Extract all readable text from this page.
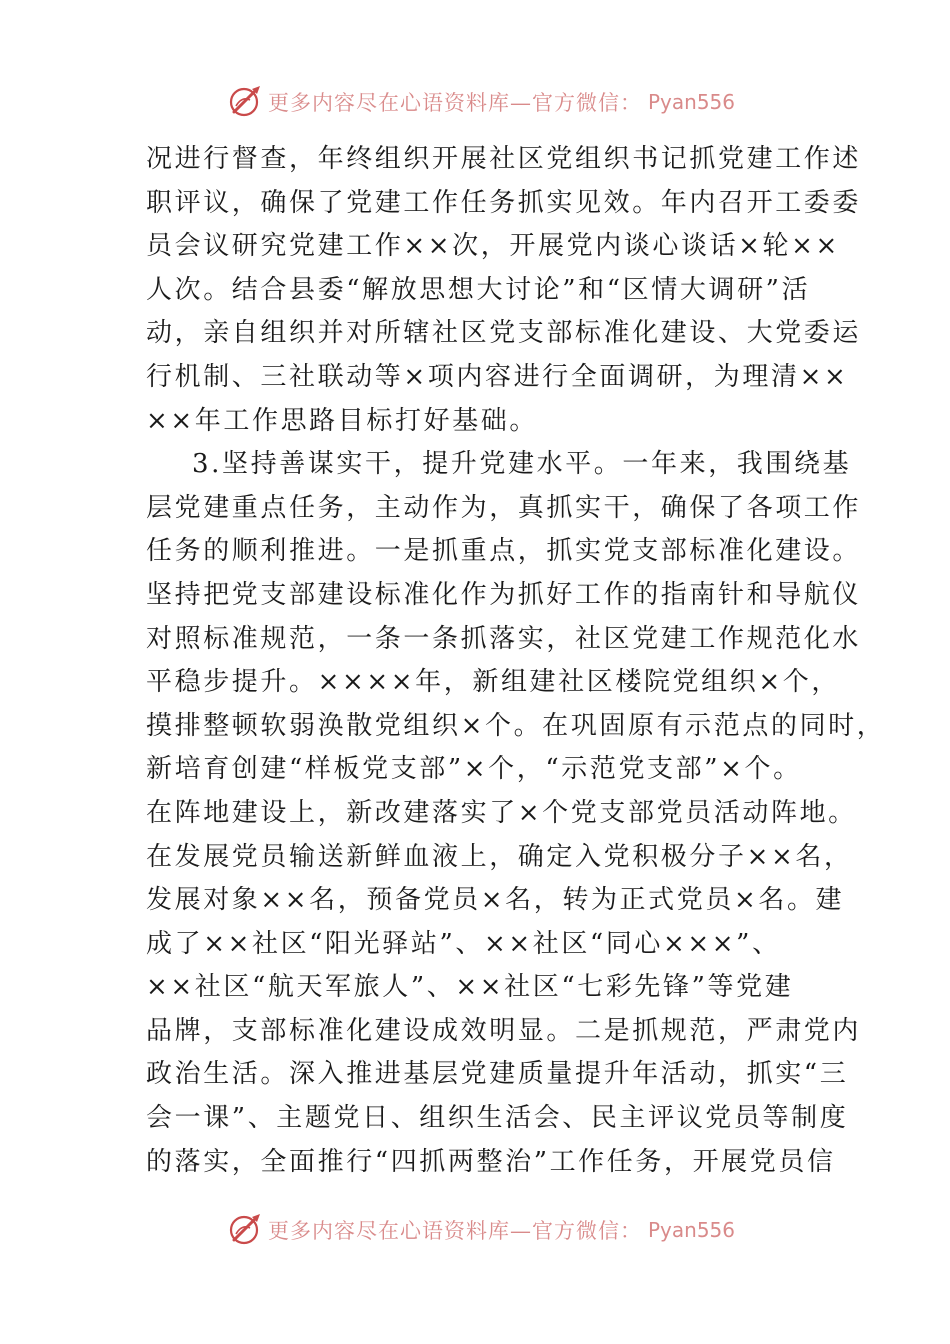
更多内容尽在心语资料库—官方微信： Pyan556
况进行督查，年终组织开展社区党组织书记抓党建工作述
职评议，确保了党建工作任务抓实见效。年内召开工委委
员会议研究党建工作××次，开展党内谈心谈话×轮××
人次。结合县委“解放思想大讨论”和“区情大调研”活
动，亲自组织并对所辖社区党支部标准化建设、大党委运
行机制、三社联动等×项内容进行全面调研，为理清××
××年工作思路目标打好基础。
3.坚持善谋实干，提升党建水平。一年来，我围绕基
层党建重点任务，主动作为，真抓实干，确保了各项工作
任务的顺利推进。一是抓重点，抓实党支部标准化建设。
坚持把党支部建设标准化作为抓好工作的指南针和导航仪
对照标准规范，一条一条抓落实，社区党建工作规范化水
平稳步提升。××××年，新组建社区楼院党组织×个，
摸排整顿软弱涣散党组织×个。在巩固原有示范点的同时，
新培育创建“样板党支部”×个，“示范党支部”×个。
在阵地建设上，新改建落实了×个党支部党员活动阵地。
在发展党员输送新鲜血液上，确定入党积极分子××名，
发展对象××名，预备党员×名，转为正式党员×名。建
成了××社区“阳光驿站”、××社区“同心×××”、
××社区“航天军旅人”、××社区“七彩先锋”等党建
品牌，支部标准化建设成效明显。二是抓规范，严肃党内
政治生活。深入推进基层党建质量提升年活动，抓实“三
会一课”、主题党日、组织生活会、民主评议党员等制度
的落实，全面推行“四抓两整治”工作任务，开展党员信
更多内容尽在心语资料库—官方微信： Pyan556
